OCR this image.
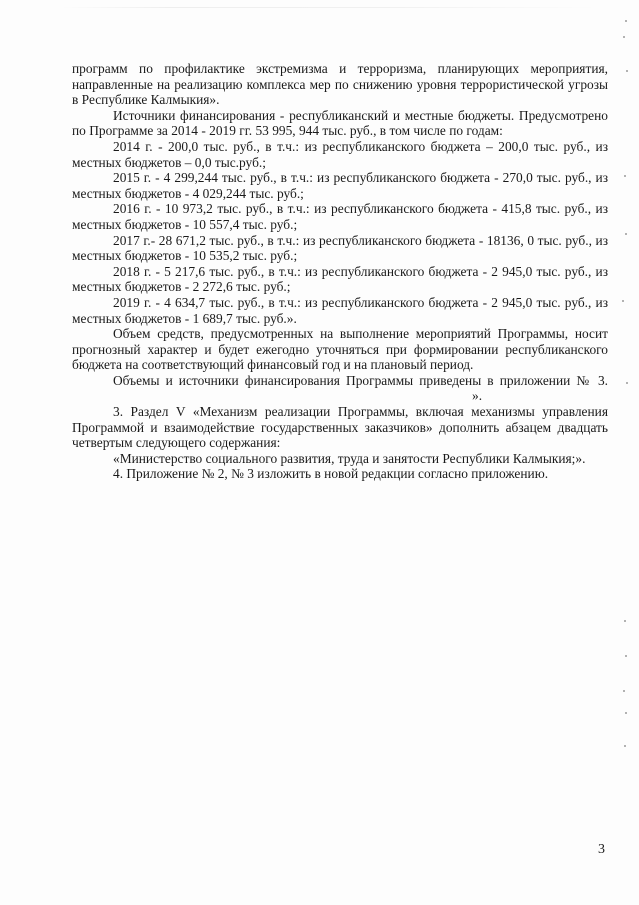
программ по профилактике экстремизма и терроризма, планирующих мероприятия, направленные на реализацию комплекса мер по снижению уровня террористической угрозы в Республике Калмыкия».

Источники финансирования - республиканский и местные бюджеты. Предусмотрено по Программе за 2014 - 2019 гг. 53 995, 944 тыс. руб., в том числе по годам:

2014 г. - 200,0 тыс. руб., в т.ч.: из республиканского бюджета – 200,0 тыс. руб., из местных бюджетов – 0,0 тыс.руб.;

2015 г. - 4 299,244 тыс. руб., в т.ч.: из республиканского бюджета - 270,0 тыс. руб., из местных бюджетов - 4 029,244 тыс. руб.;

2016 г. - 10 973,2 тыс. руб., в т.ч.: из республиканского бюджета - 415,8 тыс. руб., из местных бюджетов - 10 557,4 тыс. руб.;

2017 г.- 28 671,2 тыс. руб., в т.ч.: из республиканского бюджета - 18136, 0 тыс. руб., из местных бюджетов - 10 535,2 тыс. руб.;

2018 г. - 5 217,6 тыс. руб., в т.ч.: из республиканского бюджета - 2 945,0 тыс. руб., из местных бюджетов - 2 272,6 тыс. руб.;

2019 г. - 4 634,7 тыс. руб., в т.ч.: из республиканского бюджета - 2 945,0 тыс. руб., из местных бюджетов - 1 689,7 тыс. руб.».

Объем средств, предусмотренных на выполнение мероприятий Программы, носит прогнозный характер и будет ежегодно уточняться при формировании республиканского бюджета на соответствующий финансовый год и на плановый период.

Объемы и источники финансирования Программы приведены в приложении № 3.».

3. Раздел V «Механизм реализации Программы, включая механизмы управления Программой и взаимодействие государственных заказчиков» дополнить абзацем двадцать четвертым следующего содержания:

«Министерство социального развития, труда и занятости Республики Калмыкия;».

4. Приложение № 2, № 3 изложить в новой редакции согласно приложению.

3
